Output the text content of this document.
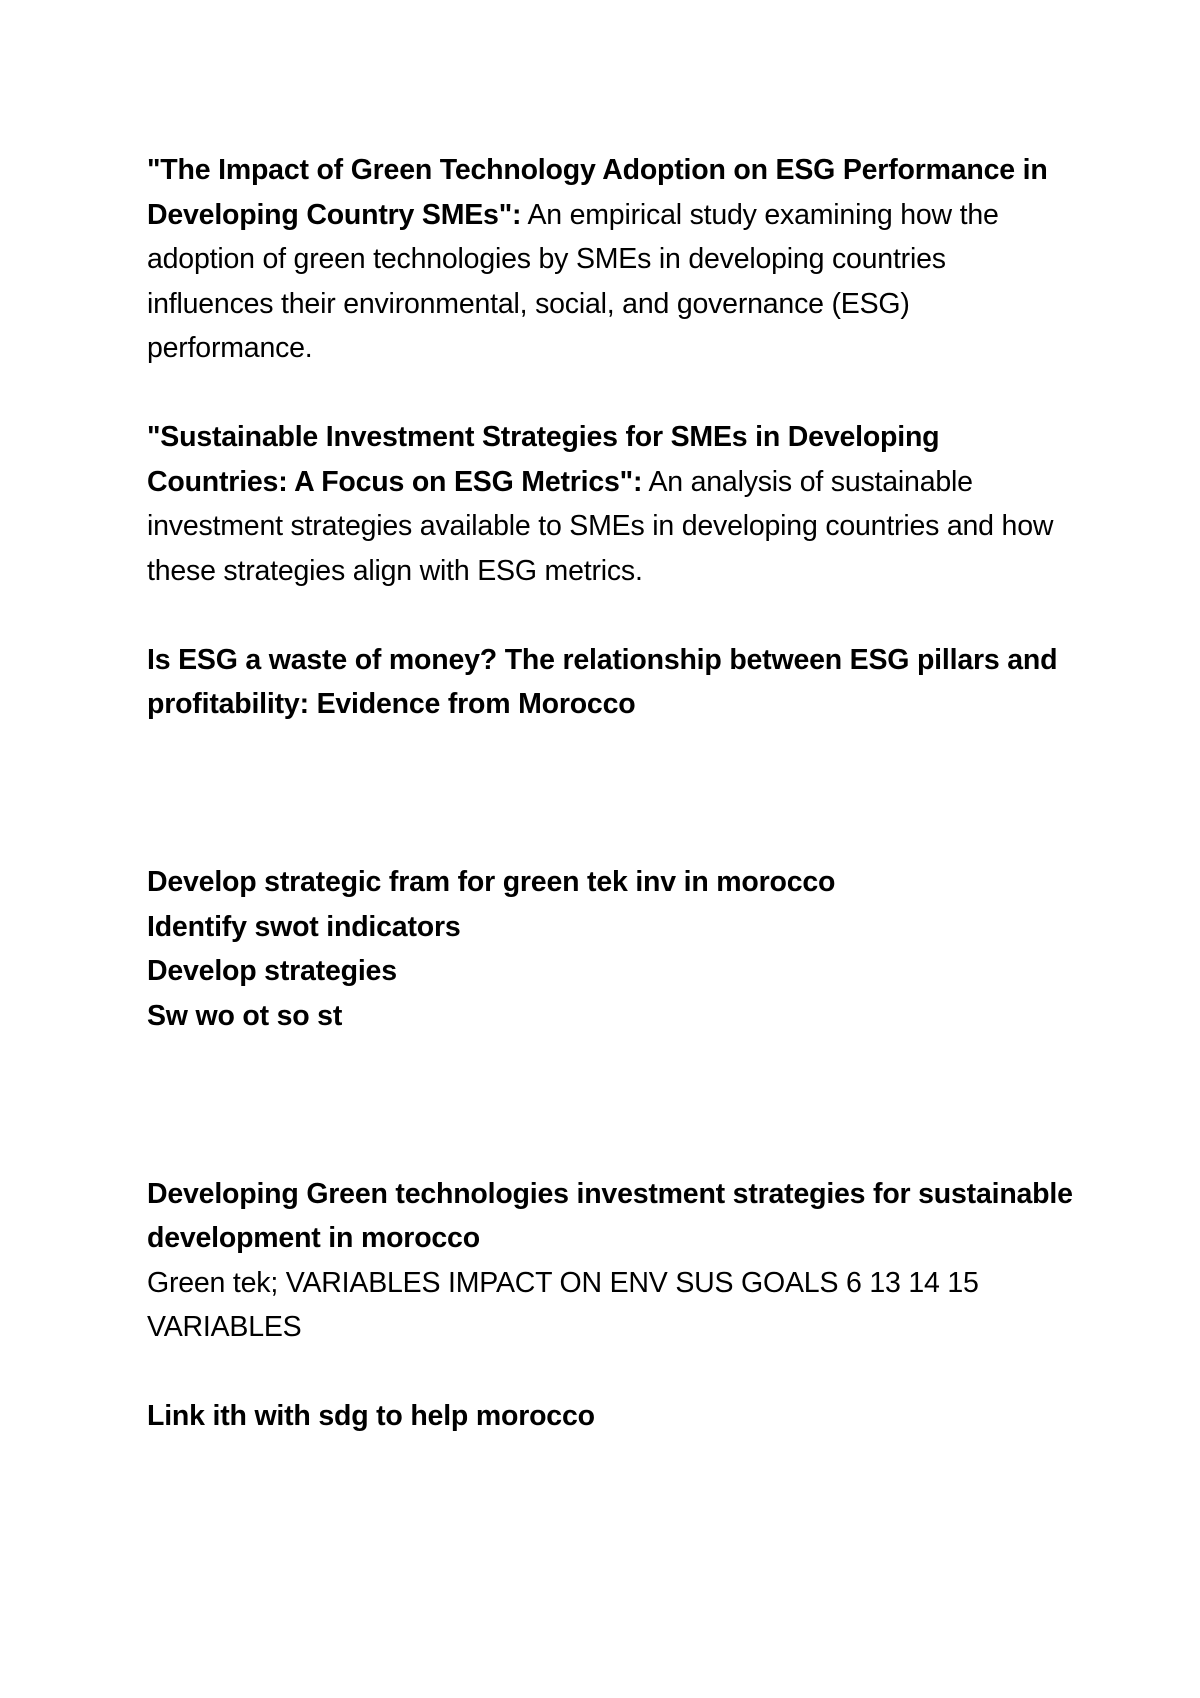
"The Impact of Green Technology Adoption on ESG Performance in Developing Country SMEs": An empirical study examining how the adoption of green technologies by SMEs in developing countries influences their environmental, social, and governance (ESG) performance.

"Sustainable Investment Strategies for SMEs in Developing Countries: A Focus on ESG Metrics": An analysis of sustainable investment strategies available to SMEs in developing countries and how these strategies align with ESG metrics.

Is ESG a waste of money? The relationship between ESG pillars and profitability: Evidence from Morocco

Develop strategic fram for green tek inv in morocco

Identify swot indicators

Develop strategies

Sw wo ot so st

Developing Green technologies investment strategies for sustainable development in morocco

Green tek; VARIABLES IMPACT ON ENV SUS GOALS 6 13 14 15 VARIABLES

Link ith with sdg to help morocco
